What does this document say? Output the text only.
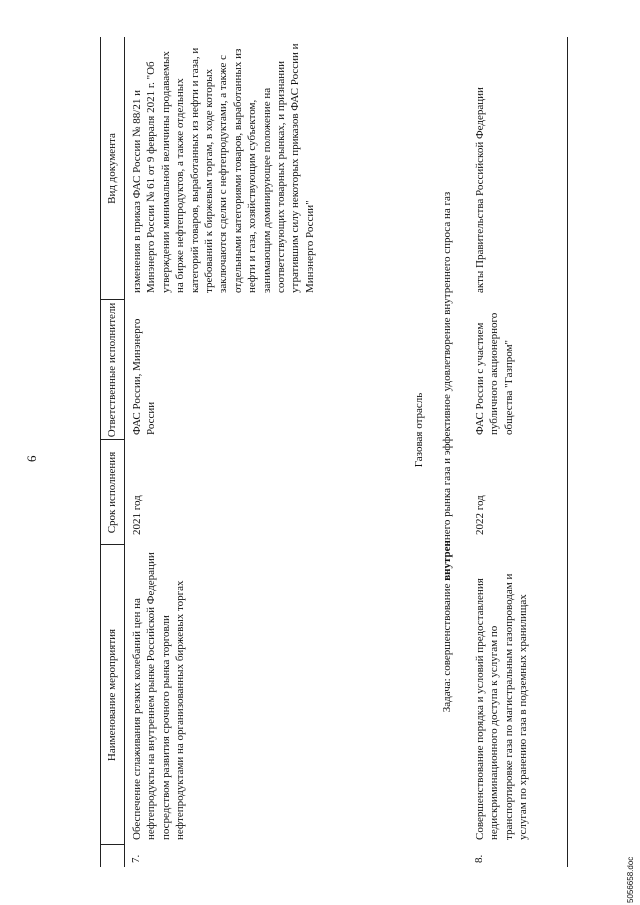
6
Наименование мероприятия
Срок исполнения
Ответственные исполнители
Вид документа
7.
Обеспечение сглаживания резких колебаний цен на нефтепродукты на внутреннем рынке Российской Федерации посредством развития срочного рынка торговли нефтепродуктами на организованных биржевых торгах
2021 год
ФАС России, Минэнерго России
изменения в приказ ФАС России № 88/21 и Минэнерго России № 61 от 9 февраля 2021 г. "Об утверждении минимальной величины продаваемых на бирже нефтепродуктов, а также отдельных категорий товаров, выработанных из нефти и газа, и требований к биржевым торгам, в ходе которых заключаются сделки с нефтепродуктами, а также с отдельными категориями товаров, выработанных из нефти и газа, хозяйствующим субъектом, занимающим доминирующее положение на соответствующих товарных рынках, и признании утратившим силу некоторых приказов ФАС России и Минэнерго России"
Газовая отрасль
Задача: совершенствование внутреннего рынка газа и эффективное удовлетворение внутреннего спроса на газ
8.
Совершенствование порядка и условий предоставления недискриминационного доступа к услугам по транспортировке газа по магистральным газопроводам и услугам по хранению газа в подземных хранилищах
2022 год
ФАС России с участием публичного акционерного общества "Газпром"
акты Правительства Российской Федерации
5056658.doc
